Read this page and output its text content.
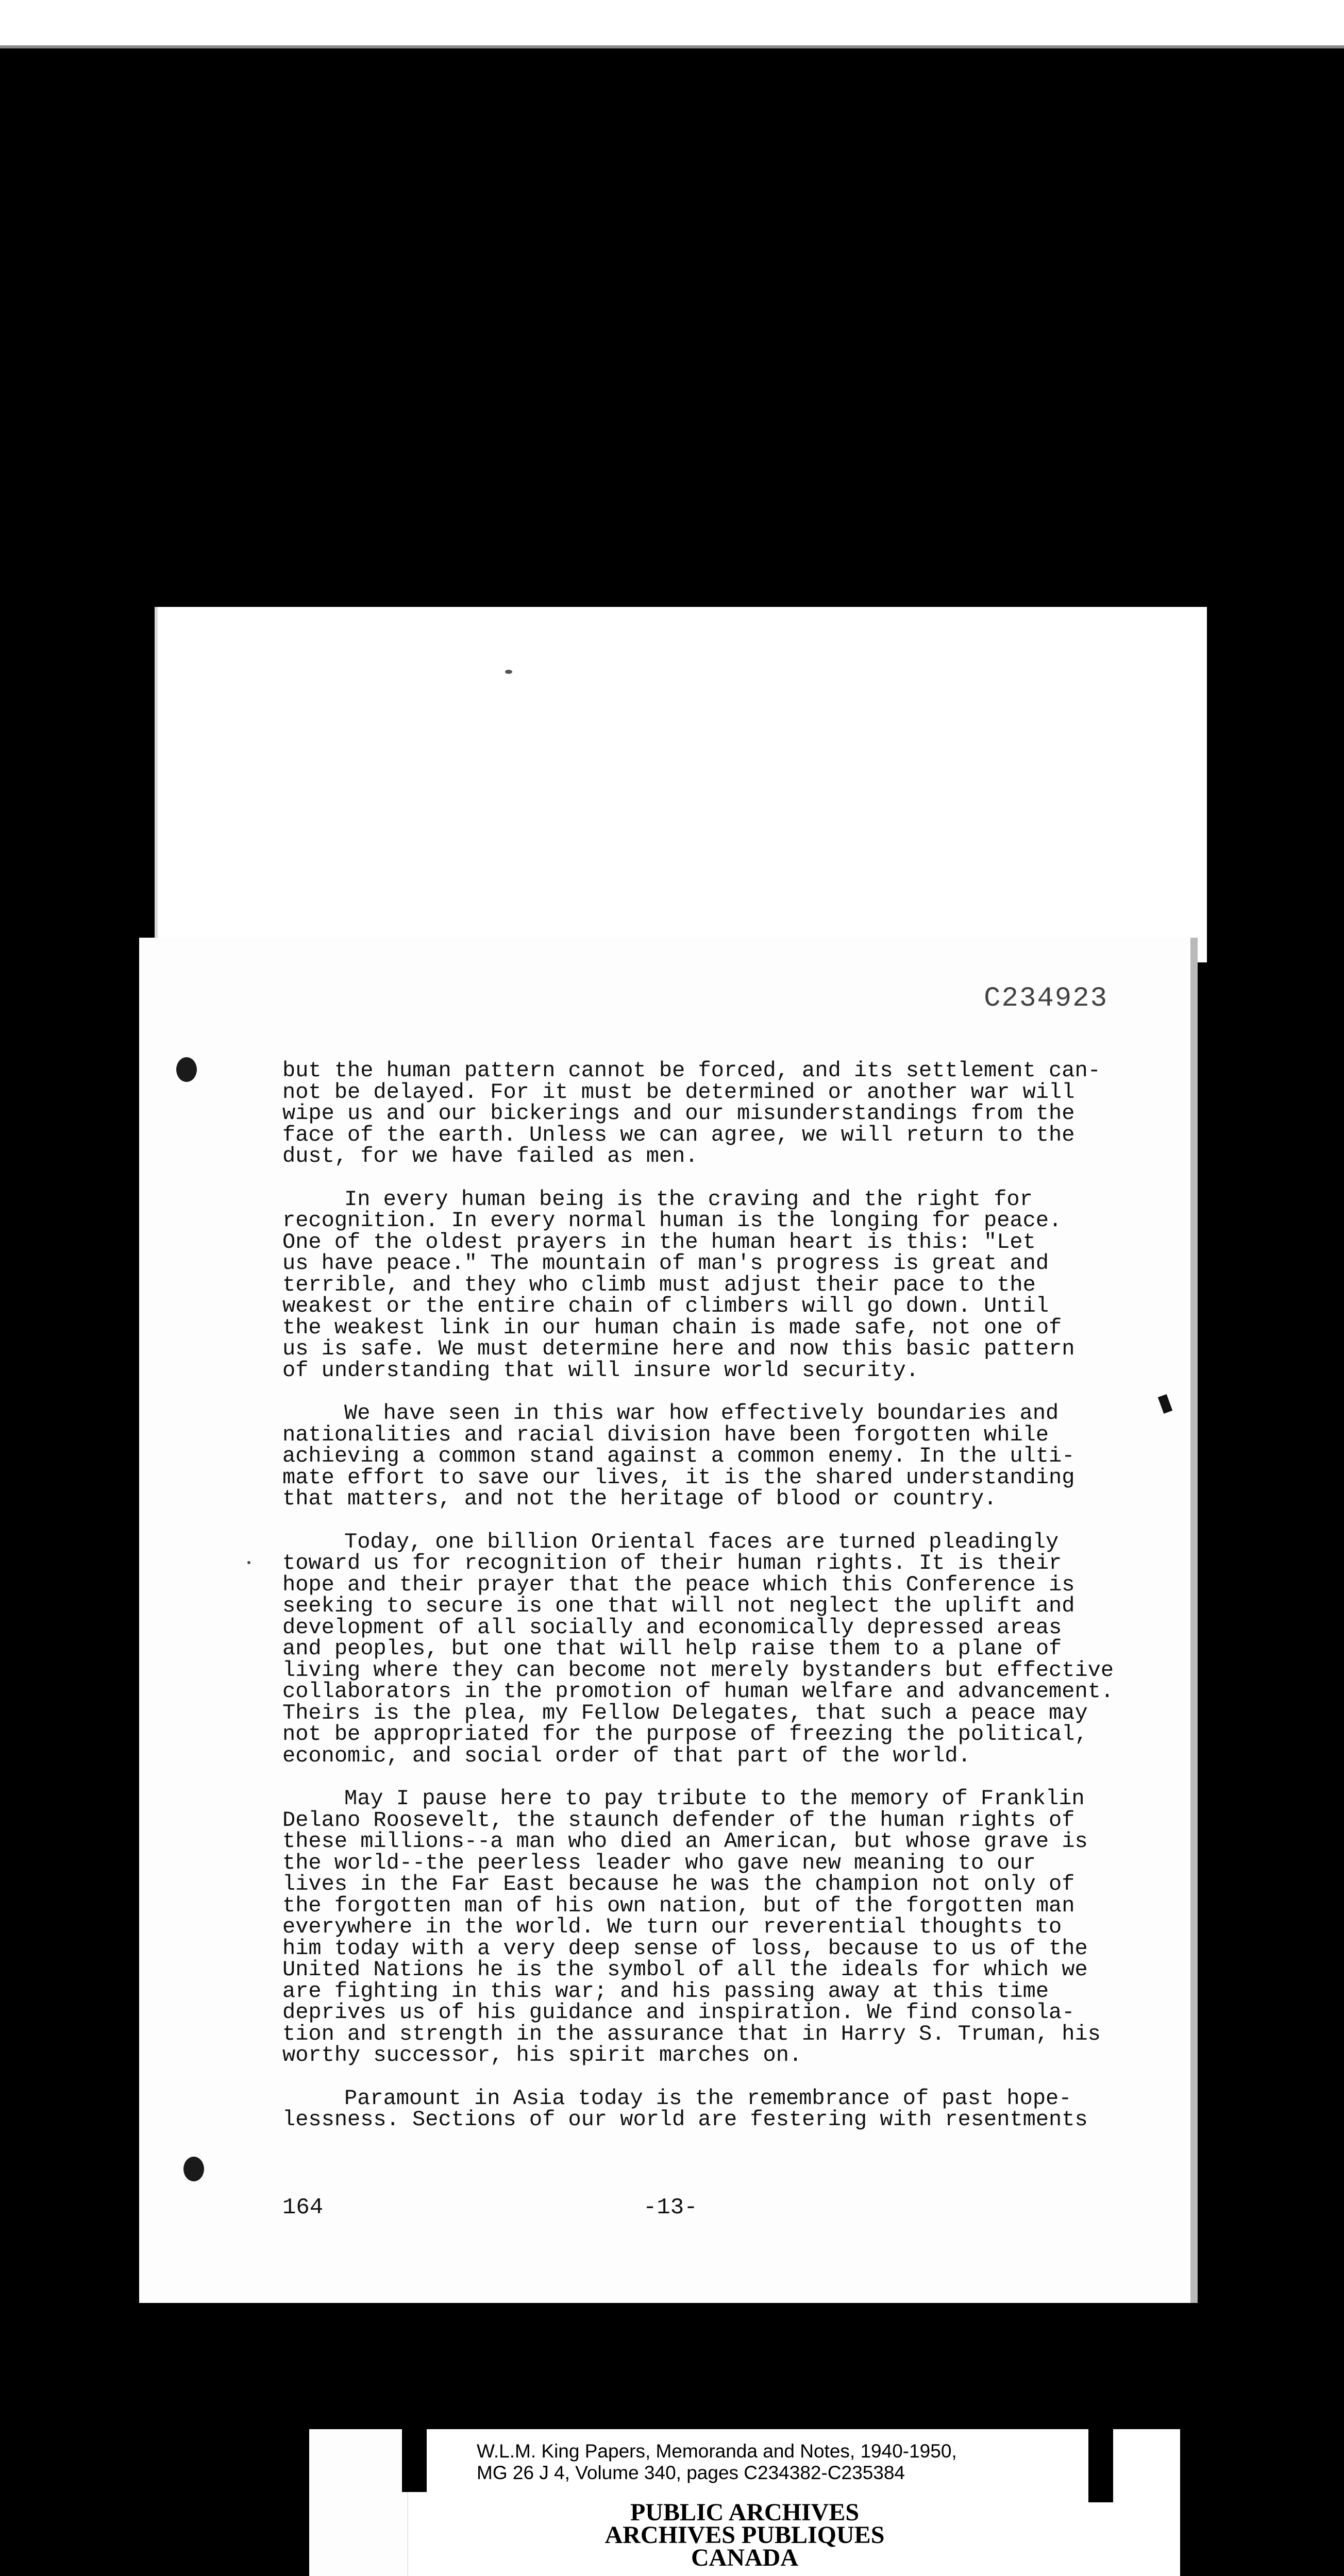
C234923

but the human pattern cannot be forced, and its settlement can-
not be delayed. For it must be determined or another war will
wipe us and our bickerings and our misunderstandings from the
face of the earth. Unless we can agree, we will return to the
dust, for we have failed as men.

In every human being is the craving and the right for
recognition. In every normal human is the longing for peace.
One of the oldest prayers in the human heart is this: "Let
us have peace." The mountain of man's progress is great and
terrible, and they who climb must adjust their pace to the
weakest or the entire chain of climbers will go down. Until
the weakest link in our human chain is made safe, not one of
us is safe. We must determine here and now this basic pattern
of understanding that will insure world security.

We have seen in this war how effectively boundaries and
nationalities and racial division have been forgotten while
achieving a common stand against a common enemy. In the ulti-
mate effort to save our lives, it is the shared understanding
that matters, and not the heritage of blood or country.

Today, one billion Oriental faces are turned pleadingly
toward us for recognition of their human rights. It is their
hope and their prayer that the peace which this Conference is
seeking to secure is one that will not neglect the uplift and
development of all socially and economically depressed areas
and peoples, but one that will help raise them to a plane of
living where they can become not merely bystanders but effective
collaborators in the promotion of human welfare and advancement.
Theirs is the plea, my Fellow Delegates, that such a peace may
not be appropriated for the purpose of freezing the political,
economic, and social order of that part of the world.

May I pause here to pay tribute to the memory of Franklin
Delano Roosevelt, the staunch defender of the human rights of
these millions--a man who died an American, but whose grave is
the world--the peerless leader who gave new meaning to our
lives in the Far East because he was the champion not only of
the forgotten man of his own nation, but of the forgotten man
everywhere in the world. We turn our reverential thoughts to
him today with a very deep sense of loss, because to us of the
United Nations he is the symbol of all the ideals for which we
are fighting in this war; and his passing away at this time
deprives us of his guidance and inspiration. We find consola-
tion and strength in the assurance that in Harry S. Truman, his
worthy successor, his spirit marches on.

Paramount in Asia today is the remembrance of past hope-
lessness. Sections of our world are festering with resentments

164	-13-
W.L.M. King Papers, Memoranda and Notes, 1940-1950,
MG 26 J 4, Volume 340, pages C234382-C235384
PUBLIC ARCHIVES
ARCHIVES PUBLIQUES
CANADA
